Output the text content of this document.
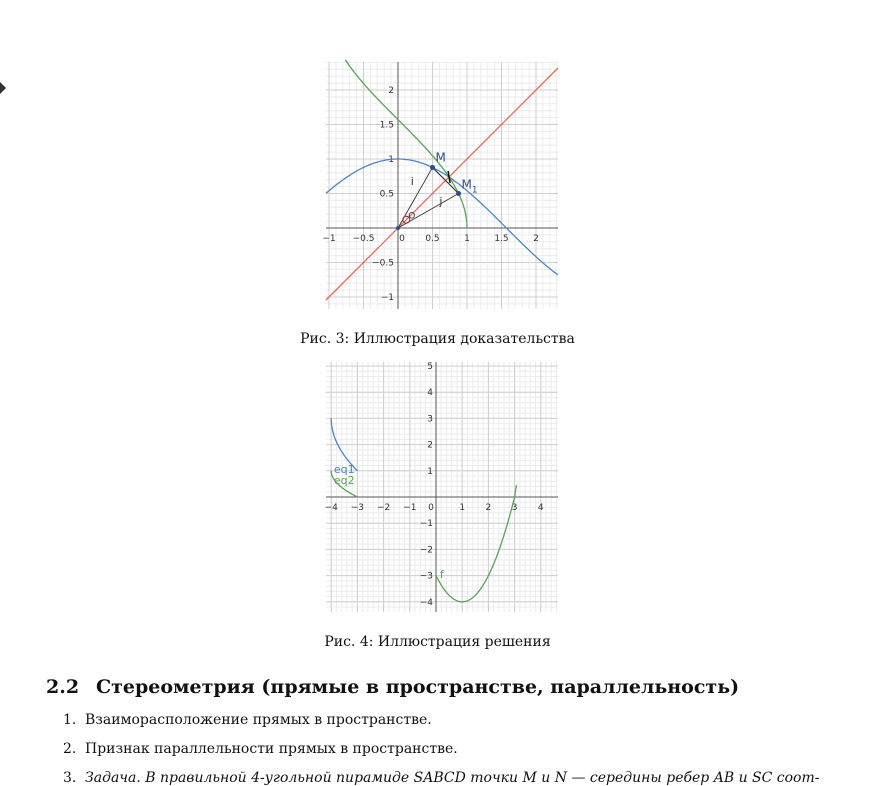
−1 −0.5	0 0.5	1	1.5	2
2
1.5
1
0.5
−0.5
−1
M
$M_1$
O
i
j
Рис. 3: Иллюстрация доказательства
−4 −3 −2 −1 0	1 2 3 4
5
4
3
2
1
−1
−2
−3
−4
eq1
eq2
f
Рис. 4: Иллюстрация решения
2.2 Стереометрия (прямые в пространстве, параллельность)
1. Взаиморасположение прямых в пространстве.
2. Признак параллельности прямых в пространстве.
3. Задача. В правильной 4-угольной пирамиде SABCD точки M и N — середины ребер AB и SC соот-
